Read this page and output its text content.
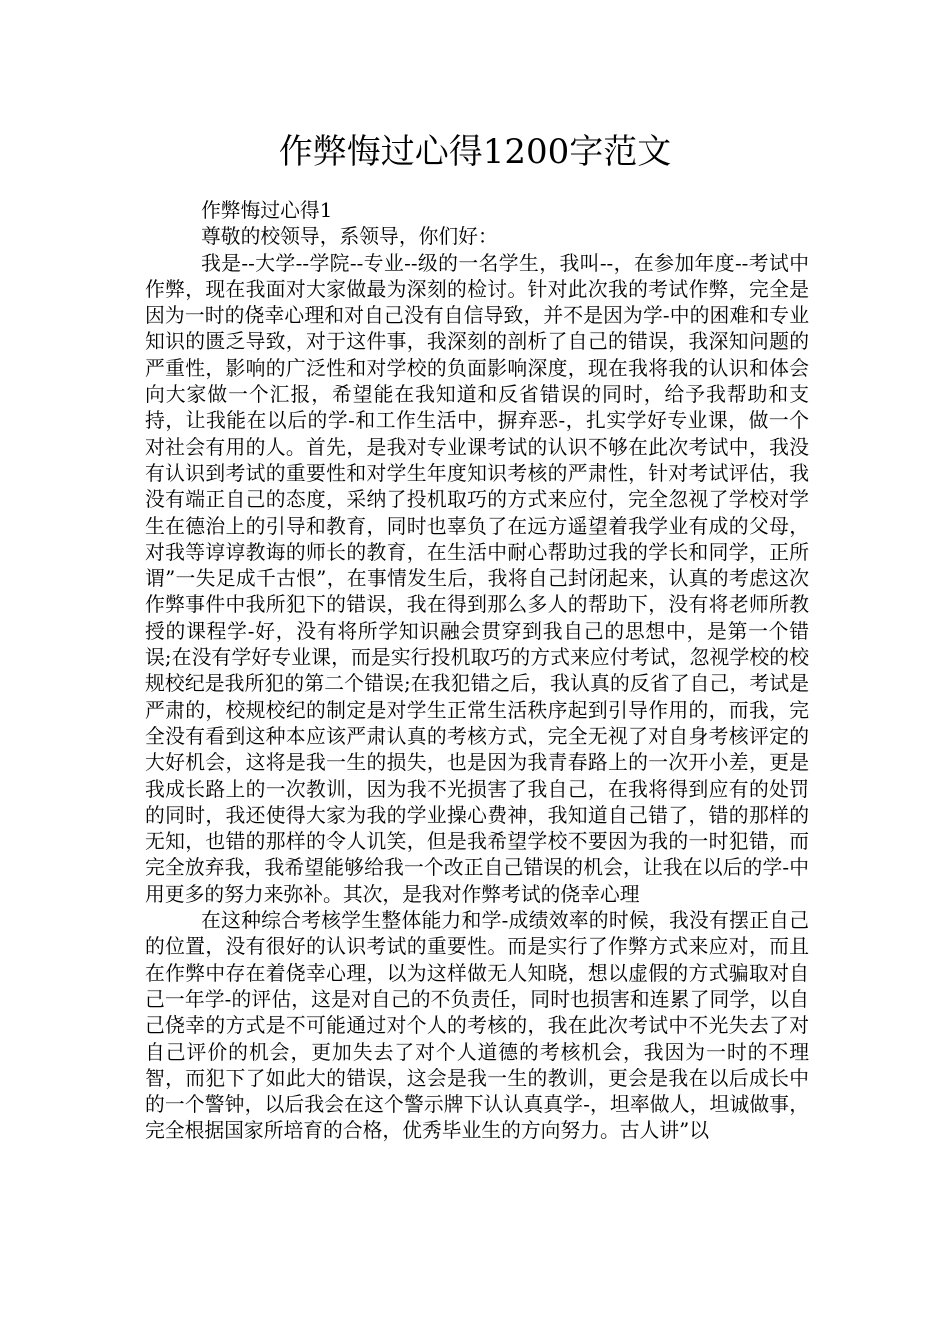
作弊悔过心得1200字范文

作弊悔过心得1

尊敬的校领导，系领导，你们好：

我是--大学--学院--专业--级的一名学生，我叫--，在参加年度--考试中作弊，现在我面对大家做最为深刻的检讨。针对此次我的考试作弊，完全是因为一时的侥幸心理和对自己没有自信导致，并不是因为学-中的困难和专业知识的匮乏导致，对于这件事，我深刻的剖析了自己的错误，我深知问题的严重性，影响的广泛性和对学校的负面影响深度，现在我将我的认识和体会向大家做一个汇报，希望能在我知道和反省错误的同时，给予我帮助和支持，让我能在以后的学-和工作生活中，摒弃恶-，扎实学好专业课，做一个对社会有用的人。首先，是我对专业课考试的认识不够在此次考试中，我没有认识到考试的重要性和对学生年度知识考核的严肃性，针对考试评估，我没有端正自己的态度，采纳了投机取巧的方式来应付，完全忽视了学校对学生在德治上的引导和教育，同时也辜负了在远方遥望着我学业有成的父母，对我等谆谆教诲的师长的教育，在生活中耐心帮助过我的学长和同学，正所谓”一失足成千古恨”，在事情发生后，我将自己封闭起来，认真的考虑这次作弊事件中我所犯下的错误，我在得到那么多人的帮助下，没有将老师所教授的课程学-好，没有将所学知识融会贯穿到我自己的思想中，是第一个错误;在没有学好专业课，而是实行投机取巧的方式来应付考试，忽视学校的校规校纪是我所犯的第二个错误;在我犯错之后，我认真的反省了自己，考试是严肃的，校规校纪的制定是对学生正常生活秩序起到引导作用的，而我，完全没有看到这种本应该严肃认真的考核方式，完全无视了对自身考核评定的大好机会，这将是我一生的损失，也是因为我青春路上的一次开小差，更是我成长路上的一次教训，因为我不光损害了我自己，在我将得到应有的处罚的同时，我还使得大家为我的学业操心费神，我知道自己错了，错的那样的无知，也错的那样的令人讥笑，但是我希望学校不要因为我的一时犯错，而完全放弃我，我希望能够给我一个改正自己错误的机会，让我在以后的学-中用更多的努力来弥补。其次，是我对作弊考试的侥幸心理

在这种综合考核学生整体能力和学-成绩效率的时候，我没有摆正自己的位置，没有很好的认识考试的重要性。而是实行了作弊方式来应对，而且在作弊中存在着侥幸心理，以为这样做无人知晓，想以虚假的方式骗取对自己一年学-的评估，这是对自己的不负责任，同时也损害和连累了同学，以自己侥幸的方式是不可能通过对个人的考核的，我在此次考试中不光失去了对自己评价的机会，更加失去了对个人道德的考核机会，我因为一时的不理智，而犯下了如此大的错误，这会是我一生的教训，更会是我在以后成长中的一个警钟，以后我会在这个警示牌下认认真真学-，坦率做人，坦诚做事，完全根据国家所培育的合格，优秀毕业生的方向努力。古人讲”以
